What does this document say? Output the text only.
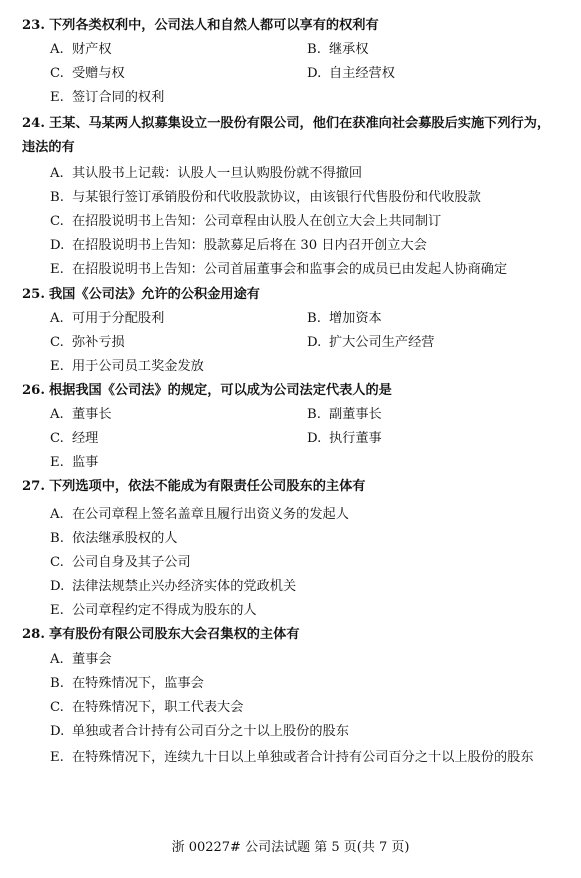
23. 下列各类权利中，公司法人和自然人都可以享有的权利有
A. 财产权	B. 继承权
C. 受赠与权	D. 自主经营权
E. 签订合同的权利
24. 王某、马某两人拟募集设立一股份有限公司，他们在获准向社会募股后实施下列行为，违法的有
A. 其认股书上记载：认股人一旦认购股份就不得撤回
B. 与某银行签订承销股份和代收股款协议，由该银行代售股份和代收股款
C. 在招股说明书上告知：公司章程由认股人在创立大会上共同制订
D. 在招股说明书上告知：股款募足后将在 30 日内召开创立大会
E. 在招股说明书上告知：公司首届董事会和监事会的成员已由发起人协商确定
25. 我国《公司法》允许的公积金用途有
A. 可用于分配股利	B. 增加资本
C. 弥补亏损	D. 扩大公司生产经营
E. 用于公司员工奖金发放
26. 根据我国《公司法》的规定，可以成为公司法定代表人的是
A. 董事长	B. 副董事长
C. 经理	D. 执行董事
E. 监事
27. 下列选项中，依法不能成为有限责任公司股东的主体有
A. 在公司章程上签名盖章且履行出资义务的发起人
B. 依法继承股权的人
C. 公司自身及其子公司
D. 法律法规禁止兴办经济实体的党政机关
E. 公司章程约定不得成为股东的人
28. 享有股份有限公司股东大会召集权的主体有
A. 董事会
B. 在特殊情况下，监事会
C. 在特殊情况下，职工代表大会
D. 单独或者合计持有公司百分之十以上股份的股东
E. 在特殊情况下，连续九十日以上单独或者合计持有公司百分之十以上股份的股东
浙 00227# 公司法试题 第 5 页(共 7 页)
